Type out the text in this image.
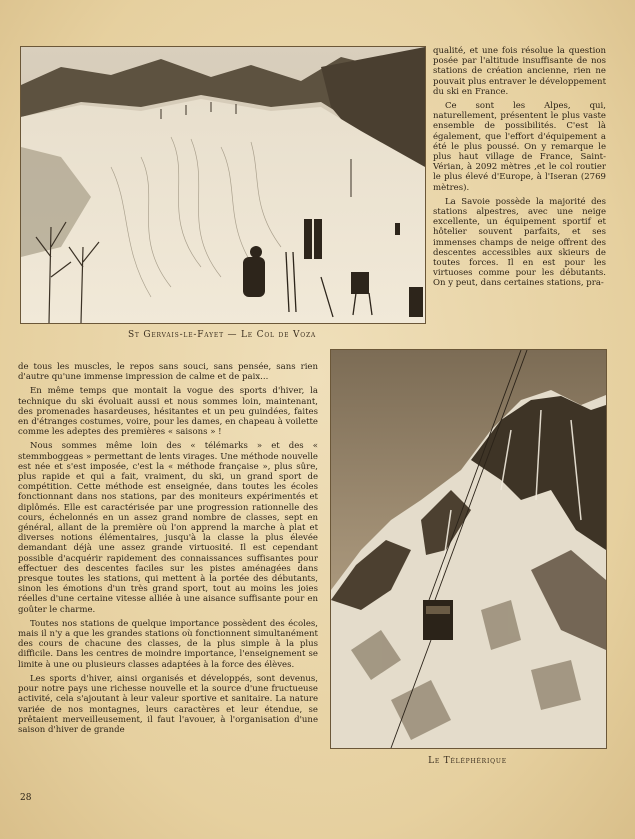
St Gervais-le-Fayet — Le Col de Voza

qualité, et une fois résolue la question posée par l'altitude insuffisante de nos stations de création ancienne, rien ne pouvait plus entraver le développement du ski en France.

Ce sont les Alpes, qui, naturellement, présentent le plus vaste ensemble de possibilités. C'est là également, que l'effort d'équipement a été le plus poussé. On y remarque le plus haut village de France, Saint-Vérian, à 2092 mètres ,et le col routier le plus élevé d'Europe, à l'Iseran (2769 mètres).

La Savoie possède la majorité des stations alpestres, avec une neige excellente, un équipement sportif et hôtelier souvent parfaits, et ses immenses champs de neige offrent des descentes accessibles aux skieurs de toutes forces. Il en est pour les virtuoses comme pour les débutants. On y peut, dans certaines stations, pra-

de tous les muscles, le repos sans souci, sans pensée, sans rien d'autre qu'une immense impression de calme et de paix...

En même temps que montait la vogue des sports d'hiver, la technique du ski évoluait aussi et nous sommes loin, maintenant, des promenades hasardeuses, hésitantes et un peu guindées, faites en d'étranges costumes, voire, pour les dames, en chapeau à voilette comme les adeptes des premières « saisons » !

Nous sommes même loin des « télémarks » et des « stemmboggeas » permettant de lents virages. Une méthode nouvelle est née et s'est imposée, c'est la « méthode française », plus sûre, plus rapide et qui a fait, vraiment, du ski, un grand sport de compétition. Cette méthode est enseignée, dans toutes les écoles fonctionnant dans nos stations, par des moniteurs expérimentés et diplômés. Elle est caractérisée par une progression rationnelle des cours, échelonnés en un assez grand nombre de classes, sept en général, allant de la première où l'on apprend la marche à plat et diverses notions élémentaires, jusqu'à la classe la plus élevée demandant déjà une assez grande virtuosité. Il est cependant possible d'acquérir rapidement des connaissances suffisantes pour effectuer des descentes faciles sur les pistes aménagées dans presque toutes les stations, qui mettent à la portée des débutants, sinon les émotions d'un très grand sport, tout au moins les joies réelles d'une certaine vitesse alliée à une aisance suffisante pour en goûter le charme.

Toutes nos stations de quelque importance possèdent des écoles, mais il n'y a que les grandes stations où fonctionnent simultanément des cours de chacune des classes, de la plus simple à la plus difficile. Dans les centres de moindre importance, l'enseignement se limite à une ou plusieurs classes adaptées à la force des élèves.

Les sports d'hiver, ainsi organisés et développés, sont devenus, pour notre pays une richesse nouvelle et la source d'une fructueuse activité, cela s'ajoutant à leur valeur sportive et sanitaire. La nature variée de nos montagnes, leurs caractères et leur étendue, se prêtaient merveilleusement, il faut l'avouer, à l'organisation d'une saison d'hiver de grande

Le Téléphérique
28
